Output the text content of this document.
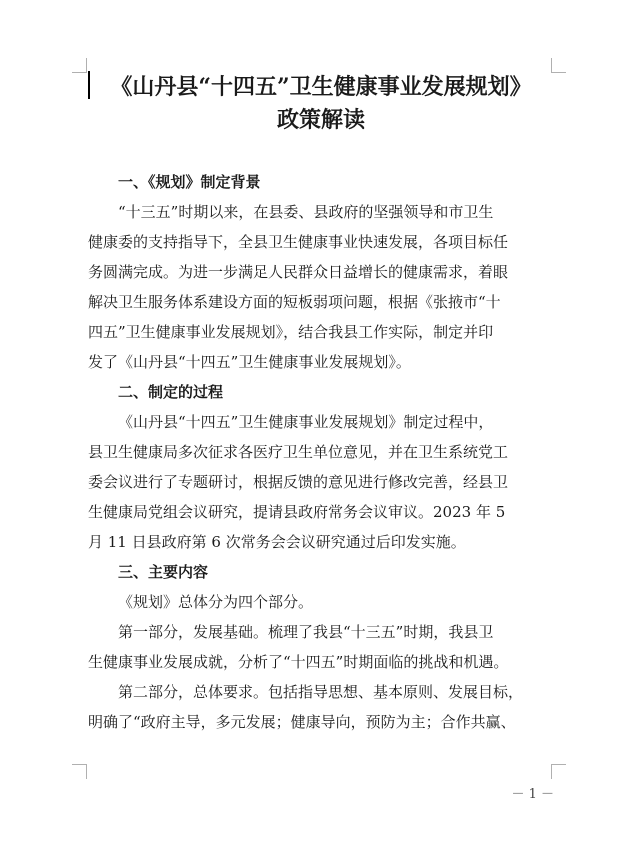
《山丹县“十四五”卫生健康事业发展规划》
政策解读
一、《规划》制定背景
“十三五”时期以来，在县委、县政府的坚强领导和市卫生
健康委的支持指导下，全县卫生健康事业快速发展，各项目标任
务圆满完成。为进一步满足人民群众日益增长的健康需求，着眼
解决卫生服务体系建设方面的短板弱项问题，根据《张掖市“十
四五”卫生健康事业发展规划》，结合我县工作实际，制定并印
发了《山丹县“十四五”卫生健康事业发展规划》。
二、制定的过程
《山丹县“十四五”卫生健康事业发展规划》制定过程中，
县卫生健康局多次征求各医疗卫生单位意见，并在卫生系统党工
委会议进行了专题研讨，根据反馈的意见进行修改完善，经县卫
生健康局党组会议研究，提请县政府常务会议审议。2023 年 5
月 11 日县政府第 6 次常务会会议研究通过后印发实施。
三、主要内容
《规划》总体分为四个部分。
第一部分，发展基础。梳理了我县“十三五”时期，我县卫
生健康事业发展成就，分析了“十四五”时期面临的挑战和机遇。
第二部分，总体要求。包括指导思想、基本原则、发展目标，
明确了“政府主导，多元发展；健康导向，预防为主；合作共赢、
－ 1 －
